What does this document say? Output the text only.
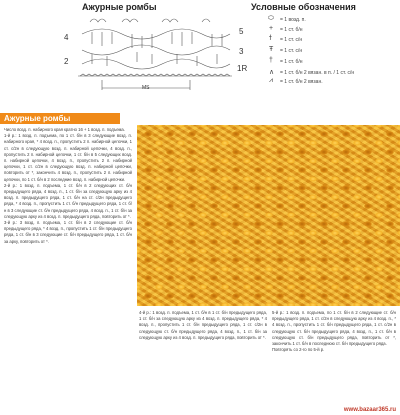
Ажурные ромбы
4
2
5
3
1R
MS
Условные обозначения
⬭ = 1 возд. п.
+ = 1 ст. б/н
ϯ = 1 ст. с/н
Ŧ = 1 ст. с/н
† = 1 ст. б/н
∧ = 1 ст. б/н 2 вязан. в п. / 1 ст. с/н
⩘ = 1 ст. б/н 2 вязан.
Ажурные ромбы

Число возд. п. набирного края кратно 16 + 1 возд. п. подъема.

1-й р.: 1 возд. п. подъема, по 1 ст. б/н в 3 следующие возд. п. набирного края, * 4 возд. п., пропустить 2 п. набирной цепочки, 1 ст. с/2н в следующую возд. п. набирной цепочки, 4 возд. п., пропустить 2 п. набирной цепочки, 1 ст. б/н в 5 следующих возд. п. набирной цепочки, 4 возд. п., пропустить 2 п. набирной цепочки, 1 ст. с/2н в следующую возд. п. набирной цепочки, повторить от *, закончить 4 возд. п., пропустить 2 п. набирной цепочки, по 1 ст. б/н в 2 последние возд. п. набирной цепочки.

2-й р.: 1 возд. п. подъема, 1 ст. б/н в 2 следующих ст. б/н предыдущего ряда, 4 возд. п., 1 ст. б/н за следующую арку из 4 возд. п. предыдущего ряда, 1 ст. б/н на ст. с/2н предыдущего ряда, * 4 возд. п., пропустить 1 ст. б/н предыдущего ряда, 1 ст. б/н в 3 следующие ст. б/н предыдущего ряда, 4 возд. п., 1 ст. б/н за следующую арку из 4 возд. п. предыдущего ряда, повторить от *.

3-й р.: 3 возд. п. подъема, 1 ст. б/н в 2 следующие ст. б/н предыдущего ряда, * 4 возд. п., пропустить 1 ст. б/н предыдущего ряда, 1 ст. б/н в 3 следующие ст. б/н предыдущего ряда, 1 ст. б/н за арку, повторить от *.

4-й р.: 1 возд. п. подъема, 1 ст. б/н в 1 ст. б/н предыдущего ряда, 1 ст. б/н за следующую арку из 4 возд. п. предыдущего ряда, * 4 возд. п., пропустить 1 ст. б/н предыдущего ряда, 1 ст. с/2н в следующую ст. б/н предыдущего ряда, 4 возд. п., 1 ст. б/н за следующую арку из 4 возд. п. предыдущего ряда, повторить от *.

5-й р.: 1 возд. п. подъема, по 1 ст. б/н в 2 следующие ст. б/н предыдущего ряда, 1 ст. с/2н в следующую арку из 4 возд. п., * 4 возд. п., пропустить 1 ст. б/н предыдущего ряда, 1 ст. с/2н в следующую ст. б/н предыдущего ряда, 4 возд. п., 1 ст. б/н в следующую ст. б/н предыдущего ряда, повторить от *, закончить 1 ст. б/н в последнюю ст. б/н предыдущего ряда.

Повторять со 2-го по 5-й р.

www.bazaar365.ru
